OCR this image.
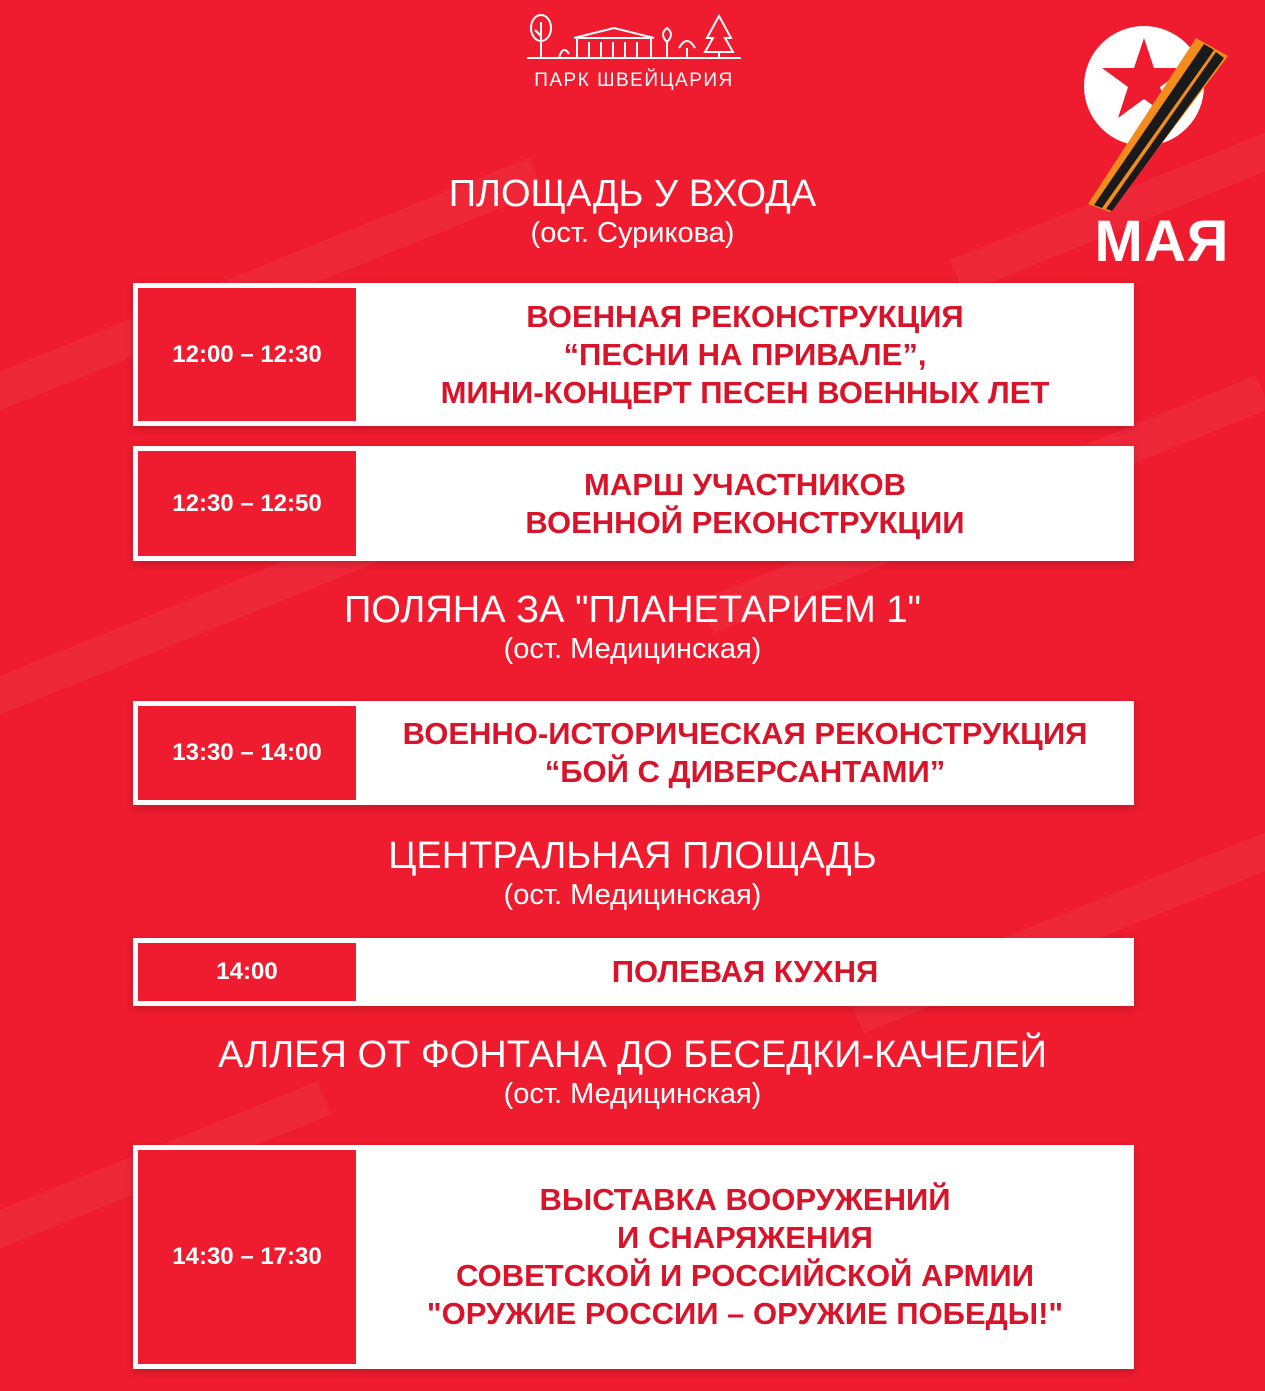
ПАРК ШВЕЙЦАРИЯ
МАЯ
ПЛОЩАДЬ У ВХОДА
(ост. Сурикова)
12:00 – 12:30
ВОЕННАЯ РЕКОНСТРУКЦИЯ
“ПЕСНИ НА ПРИВАЛЕ”,
МИНИ-КОНЦЕРТ ПЕСЕН ВОЕННЫХ ЛЕТ
12:30 – 12:50
МАРШ УЧАСТНИКОВ
ВОЕННОЙ РЕКОНСТРУКЦИИ
ПОЛЯНА ЗА "ПЛАНЕТАРИЕМ 1"
(ост. Медицинская)
13:30 – 14:00
ВОЕННО-ИСТОРИЧЕСКАЯ РЕКОНСТРУКЦИЯ
“БОЙ С ДИВЕРСАНТАМИ”
ЦЕНТРАЛЬНАЯ ПЛОЩАДЬ
(ост. Медицинская)
14:00	ПОЛЕВАЯ КУХНЯ
АЛЛЕЯ ОТ ФОНТАНА ДО БЕСЕДКИ-КАЧЕЛЕЙ
(ост. Медицинская)
14:30 – 17:30
ВЫСТАВКА ВООРУЖЕНИЙ
И СНАРЯЖЕНИЯ
СОВЕТСКОЙ И РОССИЙСКОЙ АРМИИ
"ОРУЖИЕ РОССИИ – ОРУЖИЕ ПОБЕДЫ!"
